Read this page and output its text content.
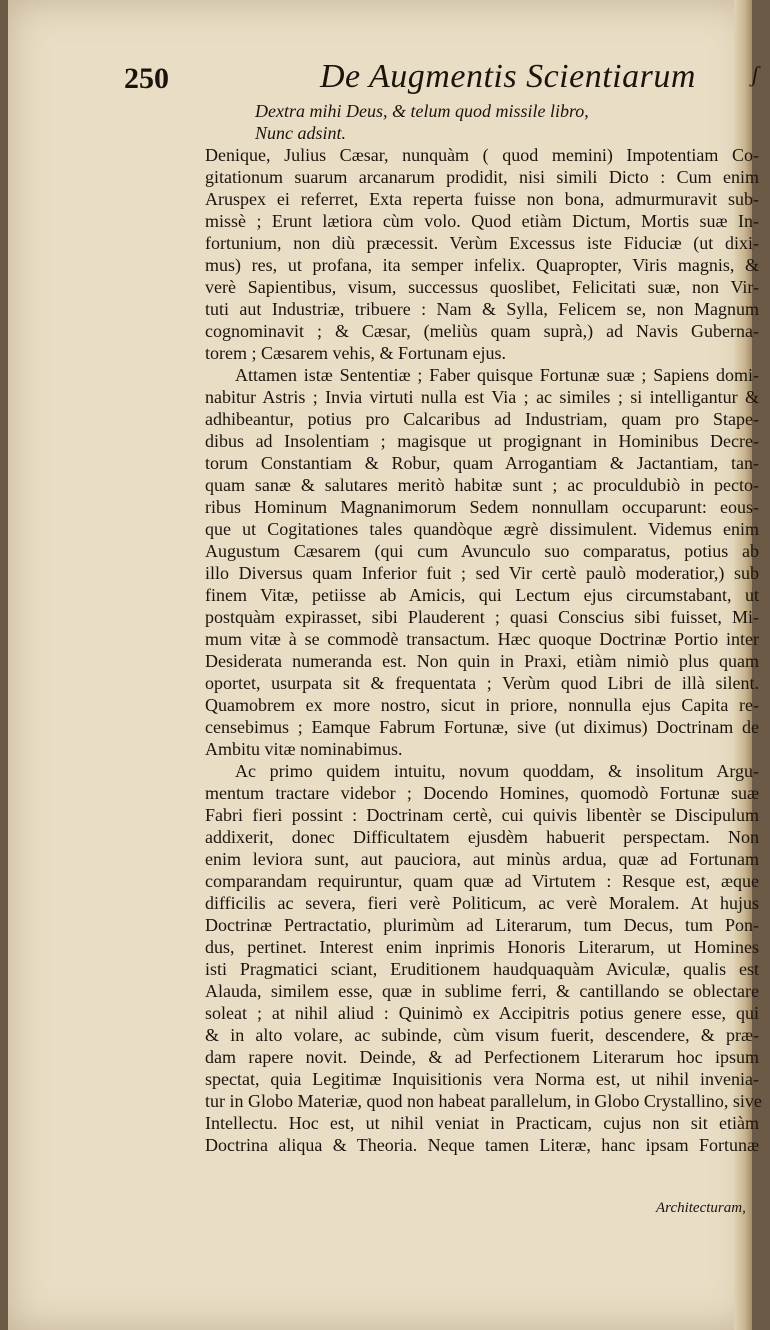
250	De Augmentis Scientiarum	ʃ
Dextra mihi Deus, & telum quod missile libro,
Nunc adsint.
Denique, Julius Cæsar, nunquàm ( quod memini) Impotentiam Co-
gitationum suarum arcanarum prodidit, nisi simili Dicto : Cum enim
Aruspex ei referret, Exta reperta fuisse non bona, admurmuravit sub-
missè ; Erunt lætiora cùm volo. Quod etiàm Dictum, Mortis suæ In-
fortunium, non diù præcessit. Verùm Excessus iste Fiduciæ (ut dixi-
mus) res, ut profana, ita semper infelix. Quapropter, Viris magnis, &
verè Sapientibus, visum, successus quoslibet, Felicitati suæ, non Vir-
tuti aut Industriæ, tribuere : Nam & Sylla, Felicem se, non Magnum
cognominavit ; & Cæsar, (meliùs quam suprà,) ad Navis Guberna-
torem ; Cæsarem vehis, & Fortunam ejus.
Attamen istæ Sententiæ ; Faber quisque Fortunæ suæ ; Sapiens domi-
nabitur Astris ; Invia virtuti nulla est Via ; ac similes ; si intelligantur &
adhibeantur, potius pro Calcaribus ad Industriam, quam pro Stape-
dibus ad Insolentiam ; magisque ut progignant in Hominibus Decre-
torum Constantiam & Robur, quam Arrogantiam & Jactantiam, tan-
quam sanæ & salutares meritò habitæ sunt ; ac proculdubiò in pecto-
ribus Hominum Magnanimorum Sedem nonnullam occuparunt: eous-
que ut Cogitationes tales quandòque ægrè dissimulent. Videmus enim
Augustum Cæsarem (qui cum Avunculo suo comparatus, potius ab
illo Diversus quam Inferior fuit ; sed Vir certè paulò moderatior,) sub
finem Vitæ, petiisse ab Amicis, qui Lectum ejus circumstabant, ut
postquàm expirasset, sibi Plauderent ; quasi Conscius sibi fuisset, Mi-
mum vitæ à se commodè transactum. Hæc quoque Doctrinæ Portio inter
Desiderata numeranda est. Non quin in Praxi, etiàm nimiò plus quam
oportet, usurpata sit & frequentata ; Verùm quod Libri de illà silent.
Quamobrem ex more nostro, sicut in priore, nonnulla ejus Capita re-
censebimus ; Eamque Fabrum Fortunæ, sive (ut diximus) Doctrinam de
Ambitu vitæ nominabimus.
Ac primo quidem intuitu, novum quoddam, & insolitum Argu-
mentum tractare videbor ; Docendo Homines, quomodò Fortunæ suæ
Fabri fieri possint : Doctrinam certè, cui quivis libentèr se Discipulum
addixerit, donec Difficultatem ejusdèm habuerit perspectam. Non
enim leviora sunt, aut pauciora, aut minùs ardua, quæ ad Fortunam
comparandam requiruntur, quam quæ ad Virtutem : Resque est, æque
difficilis ac severa, fieri verè Politicum, ac verè Moralem. At hujus
Doctrinæ Pertractatio, plurimùm ad Literarum, tum Decus, tum Pon-
dus, pertinet. Interest enim inprimis Honoris Literarum, ut Homines
isti Pragmatici sciant, Eruditionem haudquaquàm Aviculæ, qualis est
Alauda, similem esse, quæ in sublime ferri, & cantillando se oblectare
soleat ; at nihil aliud : Quinimò ex Accipitris potius genere esse, qui
& in alto volare, ac subinde, cùm visum fuerit, descendere, & præ-
dam rapere novit. Deinde, & ad Perfectionem Literarum hoc ipsum
spectat, quia Legitimæ Inquisitionis vera Norma est, ut nihil invenia-
tur in Globo Materiæ, quod non habeat parallelum, in Globo Crystallino, sive
Intellectu. Hoc est, ut nihil veniat in Practicam, cujus non sit etiàm
Doctrina aliqua & Theoria. Neque tamen Literæ, hanc ipsam Fortunæ
Architecturam,
